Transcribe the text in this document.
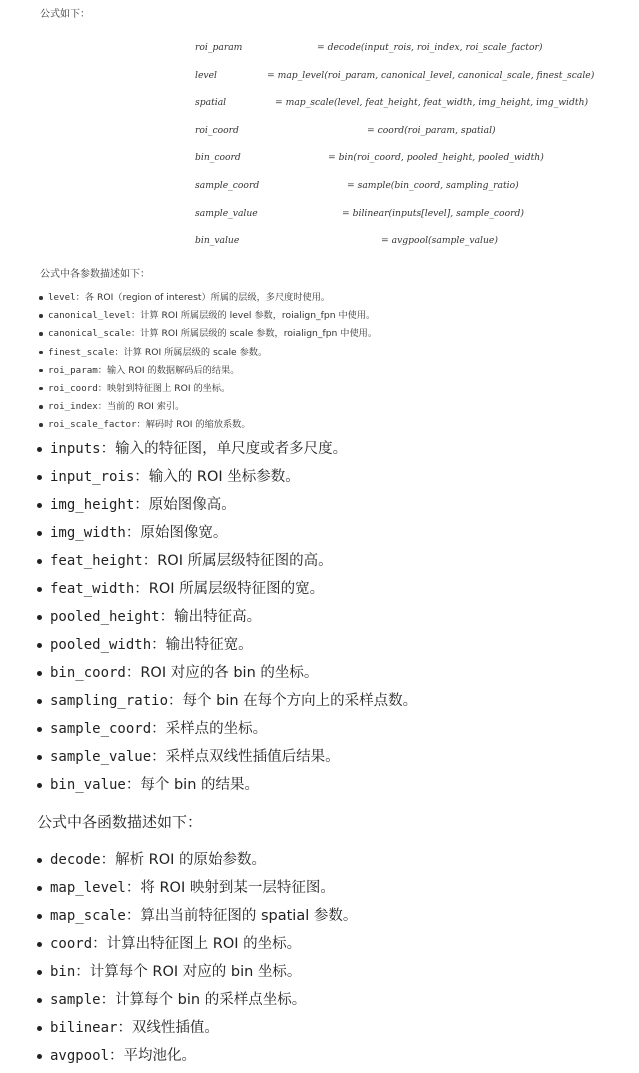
公式如下：
roi_param	= decode(input_rois, roi_index, roi_scale_factor)
level	= map_level(roi_param, canonical_level, canonical_scale, finest_scale)
spatial	= map_scale(level, feat_height, feat_width, img_height, img_width)
roi_coord	= coord(roi_param, spatial)
bin_coord	= bin(roi_coord, pooled_height, pooled_width)
sample_coord	= sample(bin_coord, sampling_ratio)
sample_value	= bilinear(inputs[level], sample_coord)
bin_value	= avgpool(sample_value)
公式中各参数描述如下：
level：各 ROI（region of interest）所属的层级，多尺度时使用。
canonical_level：计算 ROI 所属层级的 level 参数，roialign_fpn 中使用。
canonical_scale：计算 ROI 所属层级的 scale 参数，roialign_fpn 中使用。
finest_scale：计算 ROI 所属层级的 scale 参数。
roi_param：输入 ROI 的数据解码后的结果。
roi_coord：映射到特征图上 ROI 的坐标。
roi_index：当前的 ROI 索引。
roi_scale_factor：解码时 ROI 的缩放系数。
inputs：输入的特征图，单尺度或者多尺度。
input_rois：输入的 ROI 坐标参数。
img_height：原始图像高。
img_width：原始图像宽。
feat_height：ROI 所属层级特征图的高。
feat_width：ROI 所属层级特征图的宽。
pooled_height：输出特征高。
pooled_width：输出特征宽。
bin_coord：ROI 对应的各 bin 的坐标。
sampling_ratio：每个 bin 在每个方向上的采样点数。
sample_coord：采样点的坐标。
sample_value：采样点双线性插值后结果。
bin_value：每个 bin 的结果。
公式中各函数描述如下：
decode：解析 ROI 的原始参数。
map_level：将 ROI 映射到某一层特征图。
map_scale：算出当前特征图的 spatial 参数。
coord：计算出特征图上 ROI 的坐标。
bin：计算每个 ROI 对应的 bin 坐标。
sample：计算每个 bin 的采样点坐标。
bilinear：双线性插值。
avgpool：平均池化。
